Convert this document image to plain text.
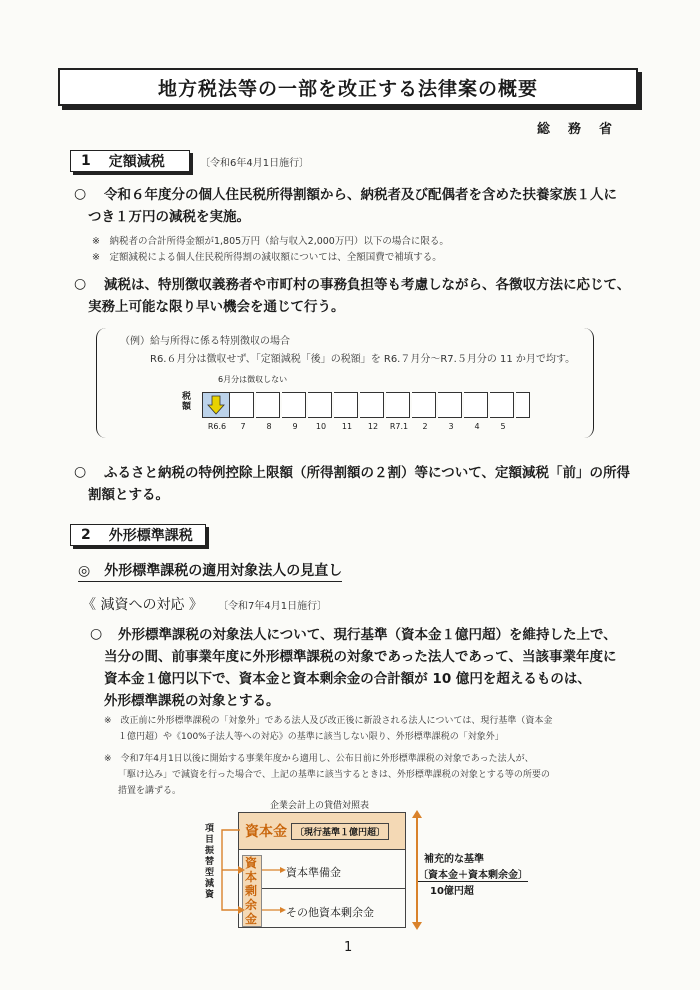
地方税法等の一部を改正する法律案の概要
総務省
1 定額減税	〔令和6年4月1日施行〕
○ 令和６年度分の個人住民税所得割額から、納税者及び配偶者を含めた扶養家族１人に
つき１万円の減税を実施。
※　納税者の合計所得金額が1,805万円（給与収入2,000万円）以下の場合に限る。
※　定額減税による個人住民税所得割の減収額については、全額国費で補填する。
○ 減税は、特別徴収義務者や市町村の事務負担等も考慮しながら、各徴収方法に応じて、
実務上可能な限り早い機会を通じて行う。
（例）給与所得に係る特別徴収の場合
R6.６月分は徴収せず、「定額減税「後」の税額」を R6.７月分～R7.５月分の 11 か月で均す。
6月分は徴収しない
税額
R6.6	7	8	9	10	11	12	R7.1	2	3	4	5
○ ふるさと納税の特例控除上限額（所得割額の２割）等について、定額減税「前」の所得
割額とする。
2 外形標準課税
◎　外形標準課税の適用対象法人の見直し
《 減資への対応 》 〔令和7年4月1日施行〕
○ 外形標準課税の対象法人について、現行基準（資本金１億円超）を維持した上で、
当分の間、前事業年度に外形標準課税の対象であった法人であって、当該事業年度に
資本金１億円以下で、資本金と資本剰余金の合計額が 10 億円を超えるものは、
外形標準課税の対象とする。
※　改正前に外形標準課税の「対象外」である法人及び改正後に新設される法人については、現行基準（資本金
１億円超）や《100%子法人等への対応》の基準に該当しない限り、外形標準課税の「対象外」
※　令和7年4月1日以後に開始する事業年度から適用し、公布日前に外形標準課税の対象であった法人が、
「駆け込み」で減資を行った場合で、上記の基準に該当するときは、外形標準課税の対象とする等の所要の
措置を講ずる。
企業会計上の貸借対照表
項目振替型減資
資本金 〔現行基準１億円超〕
資本剰余金
資本準備金
その他資本剰余金
補充的な基準
〔資本金＋資本剰余金〕
10億円超
1
